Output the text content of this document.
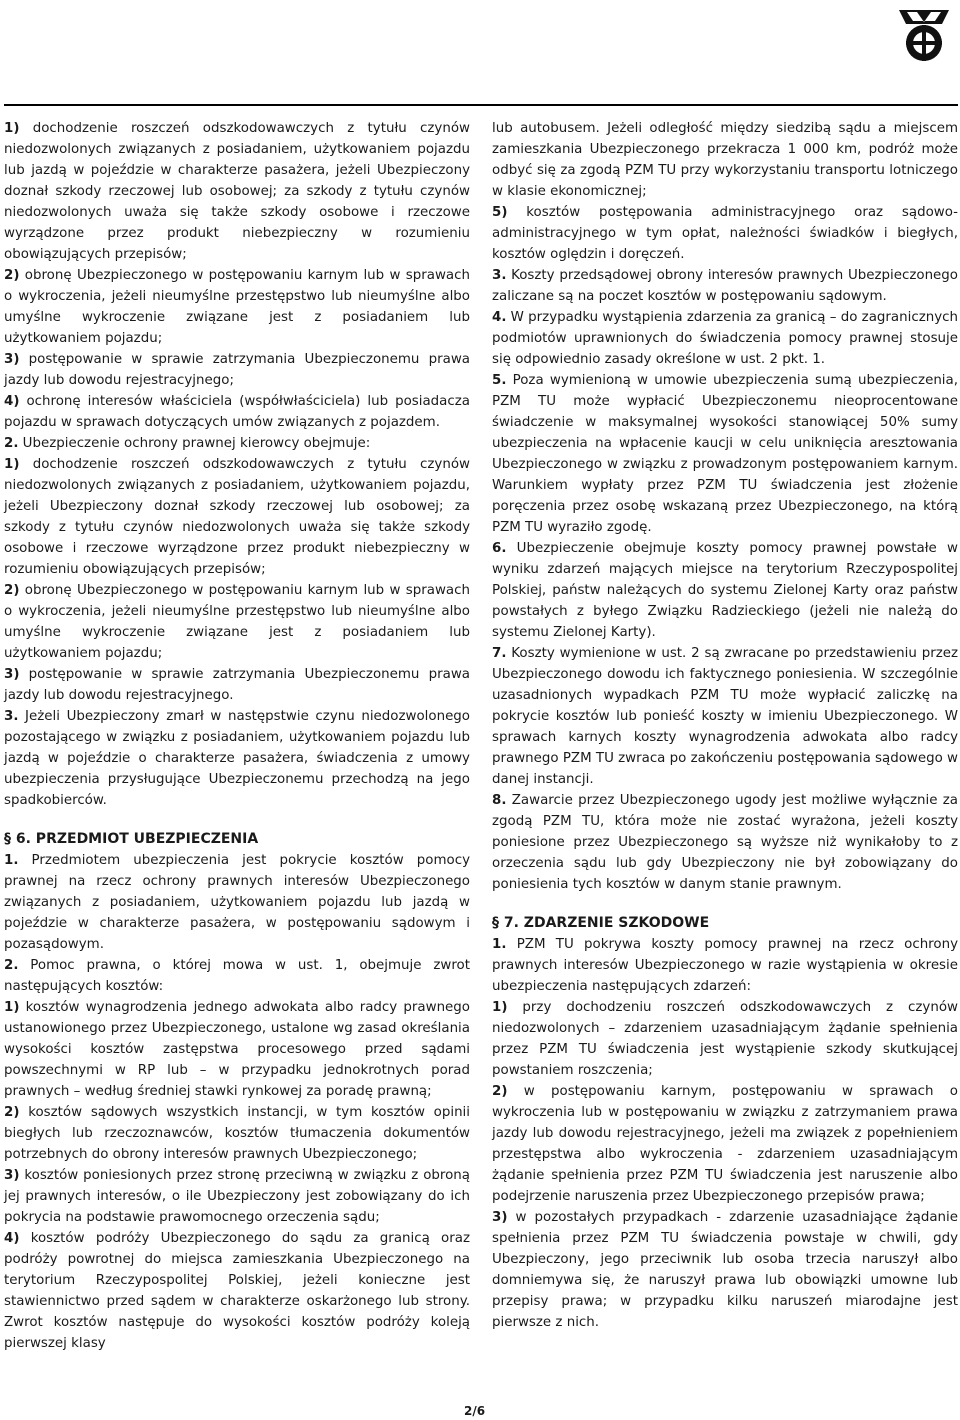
1) dochodzenie roszczeń odszkodowawczych z tytułu czynów niedozwolonych związanych z posiadaniem, użytkowaniem pojazdu lub jazdą w pojeździe w charakterze pasażera, jeżeli Ubezpieczony doznał szkody rzeczowej lub osobowej; za szkody z tytułu czynów niedozwolonych uważa się także szkody osobowe i rzeczowe wyrządzone przez produkt niebezpieczny w rozumieniu obowiązujących przepisów;

2) obronę Ubezpieczonego w postępowaniu karnym lub w sprawach o wykroczenia, jeżeli nieumyślne przestępstwo lub nieumyślne albo umyślne wykroczenie związane jest z posiadaniem lub użytkowaniem pojazdu;

3) postępowanie w sprawie zatrzymania Ubezpieczonemu prawa jazdy lub dowodu rejestracyjnego;

4) ochronę interesów właściciela (współwłaściciela) lub posiadacza pojazdu w sprawach dotyczących umów związanych z pojazdem.

2. Ubezpieczenie ochrony prawnej kierowcy obejmuje:

1) dochodzenie roszczeń odszkodowawczych z tytułu czynów niedozwolonych związanych z posiadaniem, użytkowaniem pojazdu, jeżeli Ubezpieczony doznał szkody rzeczowej lub osobowej; za szkody z tytułu czynów niedozwolonych uważa się także szkody osobowe i rzeczowe wyrządzone przez produkt niebezpieczny w rozumieniu obowiązujących przepisów;

2) obronę Ubezpieczonego w postępowaniu karnym lub w sprawach o wykroczenia, jeżeli nieumyślne przestępstwo lub nieumyślne albo umyślne wykroczenie związane jest z posiadaniem lub użytkowaniem pojazdu;

3) postępowanie w sprawie zatrzymania Ubezpieczonemu prawa jazdy lub dowodu rejestracyjnego.

3. Jeżeli Ubezpieczony zmarł w następstwie czynu niedozwolonego pozostającego w związku z posiadaniem, użytkowaniem pojazdu lub jazdą w pojeździe o charakterze pasażera, świadczenia z umowy ubezpieczenia przysługujące Ubezpieczonemu przechodzą na jego spadkobierców.

§ 6. PRZEDMIOT UBEZPIECZENIA

1. Przedmiotem ubezpieczenia jest pokrycie kosztów pomocy prawnej na rzecz ochrony prawnych interesów Ubezpieczonego związanych z posiadaniem, użytkowaniem pojazdu lub jazdą w pojeździe w charakterze pasażera, w postępowaniu sądowym i pozasądowym.

2. Pomoc prawna, o której mowa w ust. 1, obejmuje zwrot następujących kosztów:

1) kosztów wynagrodzenia jednego adwokata albo radcy prawnego ustanowionego przez Ubezpieczonego, ustalone wg zasad określania wysokości kosztów zastępstwa procesowego przed sądami powszechnymi w RP lub – w przypadku jednokrotnych porad prawnych – według średniej stawki rynkowej za poradę prawną;

2) kosztów sądowych wszystkich instancji, w tym kosztów opinii biegłych lub rzeczoznawców, kosztów tłumaczenia dokumentów potrzebnych do obrony interesów prawnych Ubezpieczonego;

3) kosztów poniesionych przez stronę przeciwną w związku z obroną jej prawnych interesów, o ile Ubezpieczony jest zobowiązany do ich pokrycia na podstawie prawomocnego orzeczenia sądu;

4) kosztów podróży Ubezpieczonego do sądu za granicą oraz podróży powrotnej do miejsca zamieszkania Ubezpieczonego na terytorium Rzeczypospolitej Polskiej, jeżeli konieczne jest stawiennictwo przed sądem w charakterze oskarżonego lub strony. Zwrot kosztów następuje do wysokości kosztów podróży koleją pierwszej klasy

lub autobusem. Jeżeli odległość między siedzibą sądu a miejscem zamieszkania Ubezpieczonego przekracza 1 000 km, podróż może odbyć się za zgodą PZM TU przy wykorzystaniu transportu lotniczego w klasie ekonomicznej;

5) kosztów postępowania administracyjnego oraz sądowo-administracyjnego w tym opłat, należności świadków i biegłych, kosztów oględzin i doręczeń.

3. Koszty przedsądowej obrony interesów prawnych Ubezpieczonego zaliczane są na poczet kosztów w postępowaniu sądowym.

4. W przypadku wystąpienia zdarzenia za granicą – do zagranicznych podmiotów uprawnionych do świadczenia pomocy prawnej stosuje się odpowiednio zasady określone w ust. 2 pkt. 1.

5. Poza wymienioną w umowie ubezpieczenia sumą ubezpieczenia, PZM TU może wypłacić Ubezpieczonemu nieoprocentowane świadczenie w maksymalnej wysokości stanowiącej 50% sumy ubezpieczenia na wpłacenie kaucji w celu uniknięcia aresztowania Ubezpieczonego w związku z prowadzonym postępowaniem karnym. Warunkiem wypłaty przez PZM TU świadczenia jest złożenie poręczenia przez osobę wskazaną przez Ubezpieczonego, na którą PZM TU wyraziło zgodę.

6. Ubezpieczenie obejmuje koszty pomocy prawnej powstałe w wyniku zdarzeń mających miejsce na terytorium Rzeczypospolitej Polskiej, państw należących do systemu Zielonej Karty oraz państw powstałych z byłego Związku Radzieckiego (jeżeli nie należą do systemu Zielonej Karty).

7. Koszty wymienione w ust. 2 są zwracane po przedstawieniu przez Ubezpieczonego dowodu ich faktycznego poniesienia. W szczególnie uzasadnionych wypadkach PZM TU może wypłacić zaliczkę na pokrycie kosztów lub ponieść koszty w imieniu Ubezpieczonego. W sprawach karnych koszty wynagrodzenia adwokata albo radcy prawnego PZM TU zwraca po zakończeniu postępowania sądowego w danej instancji.

8. Zawarcie przez Ubezpieczonego ugody jest możliwe wyłącznie za zgodą PZM TU, która może nie zostać wyrażona, jeżeli koszty poniesione przez Ubezpieczonego są wyższe niż wynikałoby to z orzeczenia sądu lub gdy Ubezpieczony nie był zobowiązany do poniesienia tych kosztów w danym stanie prawnym.

§ 7. ZDARZENIE SZKODOWE

1. PZM TU pokrywa koszty pomocy prawnej na rzecz ochrony prawnych interesów Ubezpieczonego w razie wystąpienia w okresie ubezpieczenia następujących zdarzeń:

1) przy dochodzeniu roszczeń odszkodowawczych z czynów niedozwolonych – zdarzeniem uzasadniającym żądanie spełnienia przez PZM TU świadczenia jest wystąpienie szkody skutkującej powstaniem roszczenia;

2) w postępowaniu karnym, postępowaniu w sprawach o wykroczenia lub w postępowaniu w związku z zatrzymaniem prawa jazdy lub dowodu rejestracyjnego, jeżeli ma związek z popełnieniem przestępstwa albo wykroczenia - zdarzeniem uzasadniającym żądanie spełnienia przez PZM TU świadczenia jest naruszenie albo podejrzenie naruszenia przez Ubezpieczonego przepisów prawa;

3) w pozostałych przypadkach - zdarzenie uzasadniające żądanie spełnienia przez PZM TU świadczenia powstaje w chwili, gdy Ubezpieczony, jego przeciwnik lub osoba trzecia naruszył albo domniemywa się, że naruszył prawa lub obowiązki umowne lub przepisy prawa; w przypadku kilku naruszeń miarodajne jest pierwsze z nich.

2/6
